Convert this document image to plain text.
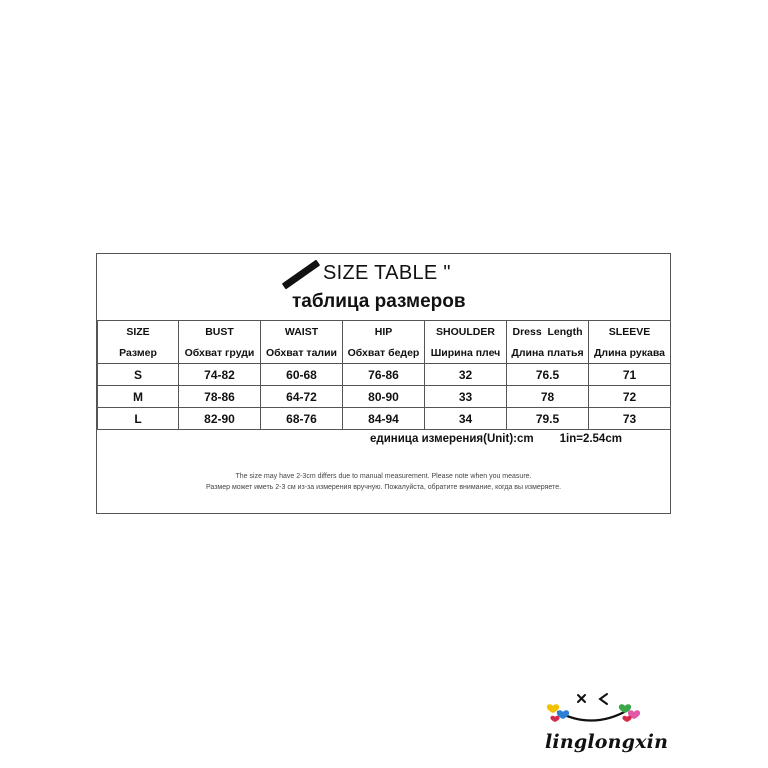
SIZE TABLE "
таблица размеров
SIZE	BUST	WAIST	HIP	SHOULDER	Dress  Length	SLEEVE
Размер	Обхват груди	Обхват талии	Обхват бедер	Ширина плеч	Длина платья	Длина рукава
S	74-82	60-68	76-86	32	76.5	71
M	78-86	64-72	80-90	33	78	72
L	82-90	68-76	84-94	34	79.5	73
единица измерения(Unit):cm 1in=2.54cm
The size may have 2-3cm differs due to manual measurement. Please note when you measure.
Размер может иметь 2-3 см из-за измерения вручную. Пожалуйста, обратите внимание, когда вы измеряете.
linglongxin
